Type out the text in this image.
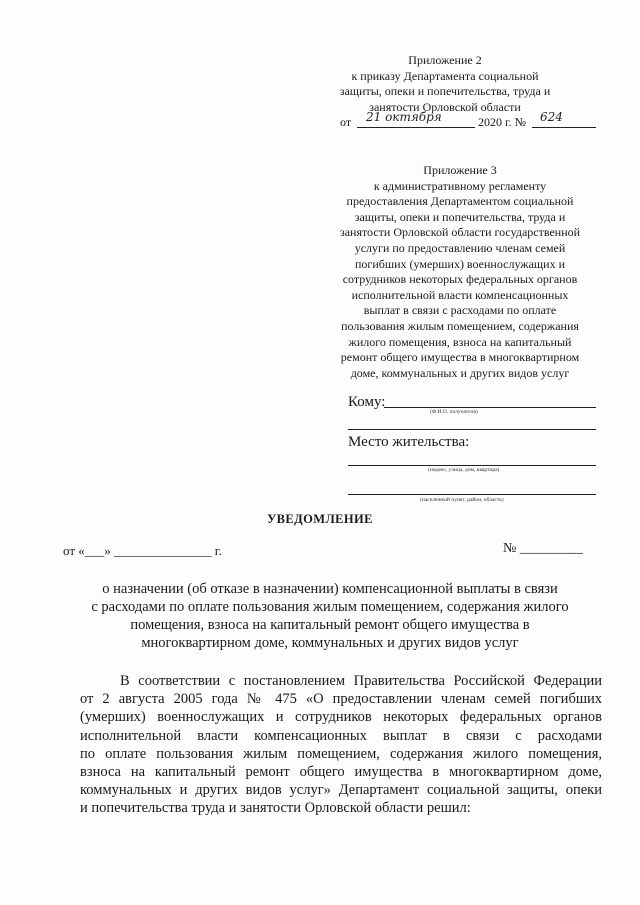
Приложение 2
к приказу Департамента социальной
защиты, опеки и попечительства, труда и
занятости Орловской области
от 21 октября	2020 г. № 624
Приложение 3
к административному регламенту
предоставления Департаментом социальной
защиты, опеки и попечительства, труда и
занятости Орловской области государственной
услуги по предоставлению членам семей
погибших (умерших) военнослужащих и
сотрудников некоторых федеральных органов
исполнительной власти компенсационных
выплат в связи с расходами по оплате
пользования жилым помещением, содержания
жилого помещения, взноса на капитальный
ремонт общего имущества в многоквартирном
доме, коммунальных и других видов услуг
Кому:
(Ф.И.О. получателя)
Место жительства:
(индекс, улица, дом, квартира)
(населенный пункт, район, область)
УВЕДОМЛЕНИЕ
от «___» _______________ г.	№ _________
о назначении (об отказе в назначении) компенсационной выплаты в связи
с расходами по оплате пользования жилым помещением, содержания жилого
помещения, взноса на капитальный ремонт общего имущества в
многоквартирном доме, коммунальных и других видов услуг
В соответствии с постановлением Правительства Российской Федерации
от 2 августа 2005 года № 475 «О предоставлении членам семей погибших
(умерших) военнослужащих и сотрудников некоторых федеральных органов
исполнительной власти компенсационных выплат в связи с расходами
по оплате пользования жилым помещением, содержания жилого помещения,
взноса на капитальный ремонт общего имущества в многоквартирном доме,
коммунальных и других видов услуг» Департамент социальной защиты, опеки
и попечительства труда и занятости Орловской области решил:
